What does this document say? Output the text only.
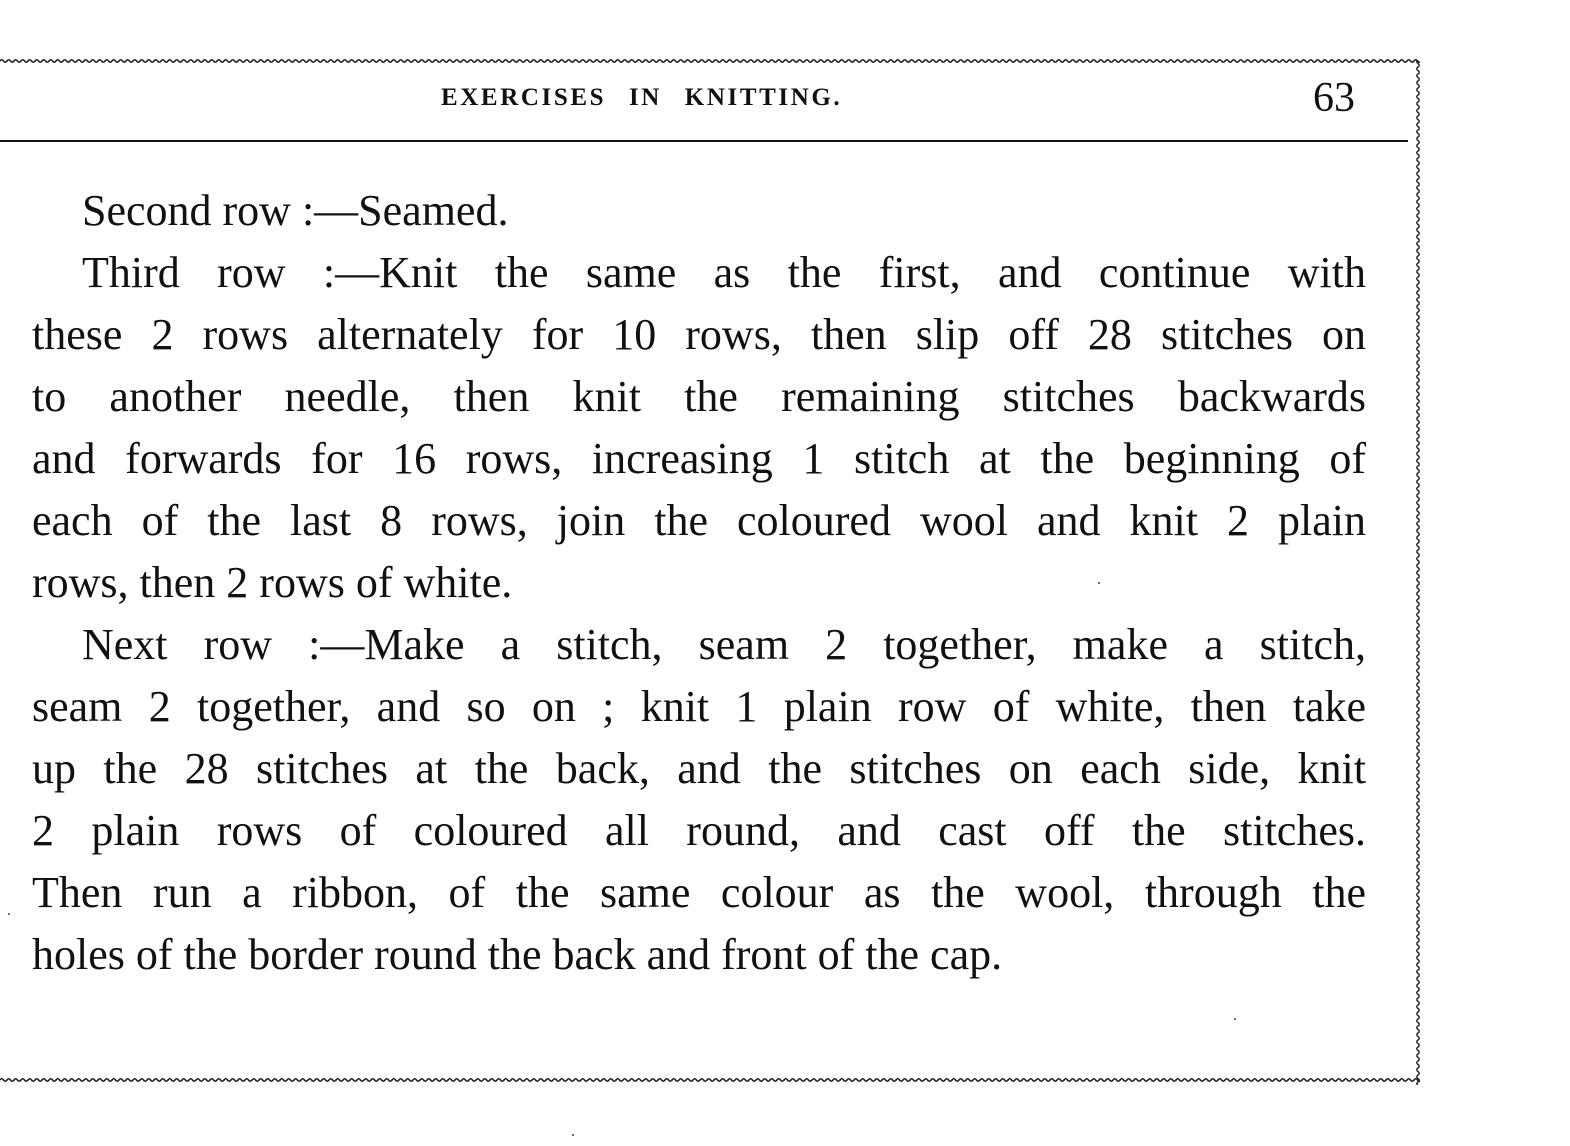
EXERCISES IN KNITTING.	63

Second row :—Seamed.

Third row :—Knit the same as the first, and continue with
these 2 rows alternately for 10 rows, then slip off 28 stitches on
to another needle, then knit the remaining stitches backwards
and forwards for 16 rows, increasing 1 stitch at the beginning of
each of the last 8 rows, join the coloured wool and knit 2 plain
rows, then 2 rows of white.

Next row :—Make a stitch, seam 2 together, make a stitch,
seam 2 together, and so on ; knit 1 plain row of white, then take
up the 28 stitches at the back, and the stitches on each side, knit
2 plain rows of coloured all round, and cast off the stitches.
Then run a ribbon, of the same colour as the wool, through the
holes of the border round the back and front of the cap.
